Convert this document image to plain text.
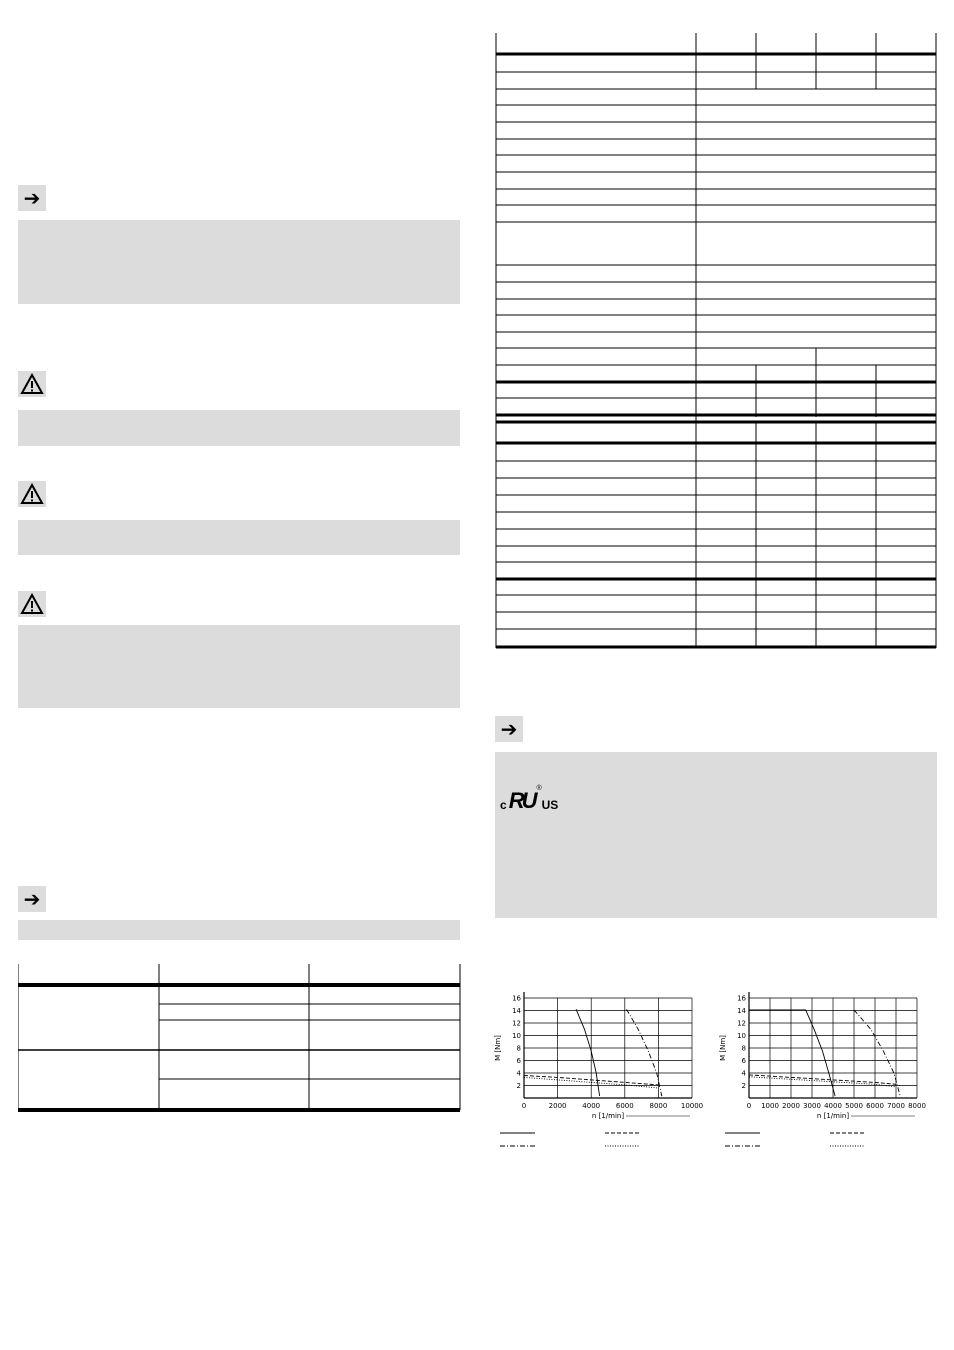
➔
➔
➔
c RU ®
US
0	2000 4000 6000 8000 10000
2
4
6
8
10
12
14
16
n [1/min]
M [Nm]
0 1000 2000 3000 4000 5000 6000 7000 8000
2
4
6
8
10
12
14
16
n [1/min]
M [Nm]
